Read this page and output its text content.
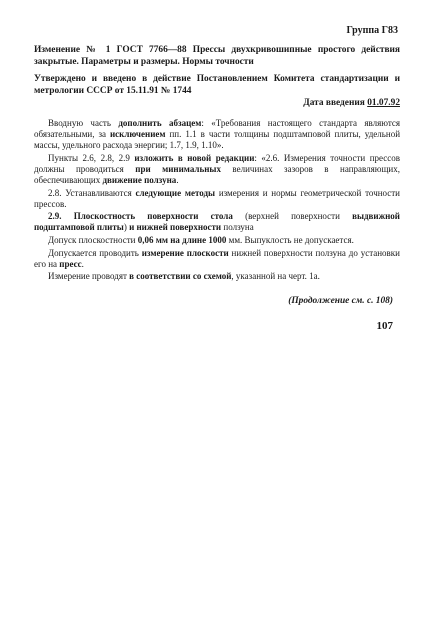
Группа Г83
Изменение № 1 ГОСТ 7766—88 Прессы двухкривошипные простого действия закрытые. Параметры и размеры. Нормы точности
Утверждено и введено в действие Постановлением Комитета стандартизации и метрологии СССР от 15.11.91 № 1744
Дата введения 01.07.92

Вводную часть дополнить абзацем: «Требования настоящего стандарта являются обязательными, за исключением пп. 1.1 в части толщины подштамповой плиты, удельной массы, удельного расхода энергии; 1.7, 1.9, 1.10».

Пункты 2.6, 2.8, 2.9 изложить в новой редакции: «2.6. Измерения точности прессов должны проводиться при минимальных величинах зазоров в направляющих, обеспечивающих движение ползуна.

2.8. Устанавливаются следующие методы измерения и нормы геометрической точности прессов.

2.9. Плоскостность поверхности стола (верхней поверхности выдвижной подштамповой плиты) и нижней поверхности ползуна

Допуск плоскостности 0,06 мм на длине 1000 мм. Выпуклость не допускается.

Допускается проводить измерение плоскости нижней поверхности ползуна до установки его на пресс.

Измерение проводят в соответствии со схемой, указанной на черт. 1а.

(Продолжение см. с. 108)
107
